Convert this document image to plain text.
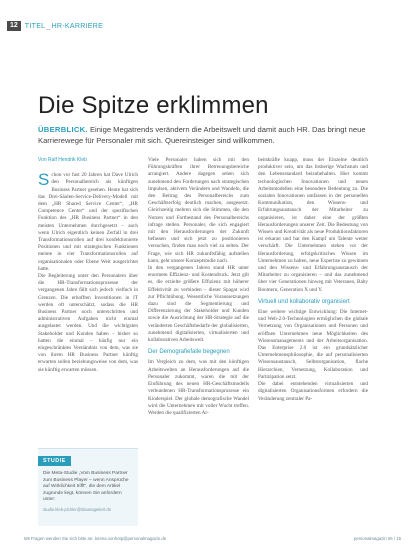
12	TITEL_HR-KARRIERE
Die Spitze erklimmen
ÜBERBLICK. Einige Megatrends verändern die Arbeitswelt und damit auch HR. Das bringt neue Karrierewege für Personaler mit sich. Quereinsteiger sind willkommen.
Von Ralf Hendrik Kleb
S chon vor fast 20 Jahren hat Dave Ulrich den Personalbereich als künftigen Business Partner gesehen. Heute hat sich das Drei-Säulen-Service-Delivery-Modell mit dem „HR Shared Service Center“, „HR Competence Center“ und der spezifischen Funktion des „HR Business Partner“ in den meisten Unternehmen durchgesetzt – auch wenn Ulrich eigentlich keinen Zerfall in drei Transformationsrollen auf drei konfektionierte Positionen und mit strategischen Funktionen meinte in vier Transformationsrollen auf organisationalen oder Ebene Weit ausgerichtet hatte.

Die Begleiterung unter den Personalern über die HR-Transformationsprozesse der vergangenen Jahre fällt sich jedoch vielfach in Grenzen. Die erhofften Investitionen in IT werden oft unterschätzt, sodass die HR Business Partner noch unterschritten und administrativen Aufgaben nicht einmal ausgelastet werden. Und die wichtigsten Stakeholder und Kunden haben – bisher so hatten die einmal – häufig nur ein eingeschränktes Verständnis von dem, was sie von ihrem HR Business Partner künftig erwarten sollen beziehungsweise von dem, was sie künftig erwarten müssen.

Viele Personaler haben sich mit den Führungskräften ihrer Betreuungsbereiche arrangiert. Andere dagegen sehen sich zunehmend den Forderungen nach strategischen Impulsen, aktivem Verändern und Wandeln, die den Beitrag des Personalbereichs zum Geschäftserfolg deutlich machen, ausgesetzt. Gleichzeitig mehren sich die Stimmen, die den Nutzen und Fortbestand des Personalbereichs infrage stellen. Personaler, die sich engagiert mit den Herausforderungen der Zukunft befassen und sich jetzt zu positionieren versuchen, finden man noch viel zu selten. Der Frage, wie sich HR zukunftsfähig aufstellen kann, geht unsere Konzeptstudie nach.

In den vergangenen Jahren stand HR unter enormem Effizienz- und Kostendruck. Jetzt gilt es, die erzielte größere Effizienz mit höherer Effektivität zu verbinden – dieser Spagat wird zur Pflichtübung. Wesentliche Voraussetzungen dazu sind die Segmentierung und Differenzierung der Stakeholder und Kunden sowie die Ausrichtung der HR-Strategie auf die veränderten Geschäftsbedarfe der globalisierten, zunehmend digitalisierten, virtualisierten und kollaborativen Arbeitswelt.

Der Demografiefalle begegnen

Im Vergleich zu dem, was mit den künftigen Arbeitswelten an Herausforderungen auf die Personaler zukommt, waren die mit der Einführung des neuen HR-Geschäftsmodells verbundenen HR-Transformationsprozesse ein Kinderspiel. Der globale demografische Wandel wird die Unternehmen mit voller Wucht treffen. Werden die qualifizierten Ar-

beitskräfte knapp, muss der Einzelne deutlich produktiver sein, um das bisherige Wachstum und den Lebensstandard beizubehalten. Hier kommt technologischen Innovationen und neuen Arbeitsmodellen eine besondere Bedeutung zu. Die sozialen Innovationen umfassen in der personellen Kommunikation, den Wissens- und Erfahrungsaustausch der Mitarbeiter zu organisieren, ist daher eine der größten Herausforderungen unserer Zeit. Die Bedeutung von Wissen und Kreativität als neue Produktionsfaktoren ist erkannt und hat den Kampf um Talente weiter verschärft. Die Unternehmen stehen vor der Herausforderung, erfolgskritisches Wissen im Unternehmen zu halten, neue Expertise zu gewinnen und den Wissens- und Erfahrungsaustausch der Mitarbeiter zu organisieren – und das zunehmend über vier Generationen hinweg mit Veteranen, Baby Boomern, Generation X und Y.

Virtuell und kollaborativ organisiert

Eine weitere wichtige Entwicklung: Die Internet- und Web-2.0-Technologien ermöglichen die globale Vernetzung von Organisationen und Personen und eröffnen Unternehmen neue Möglichkeiten des Wissensmanagements und der Arbeitsorganisation. Das Enterprise 2.0 ist ein grundsätzlicher Unternehmensphilosophie, die auf personalisierten Wissensaustausch, Selbstorganisation, flache Hierarchien, Vernetzung, Kollaboration und Partizipation setzt.

Die dabei entstehenden virtualisierten und digitalisierten Organisationsformen erfordern die Veränderung zentraler Pa-

STUDIE
Die Meta-Studie „Vom Business Partner zum Business Player – wenn Ansprüche auf Wirklichkeit trifft“, die dem Artikel zugrunde liegt, können Sie anfordern unter:
studie.kleb-pichler@sbamagetiert.de
Mit Fragen wenden Sie sich bitte an: lorena.vonhotp@personalmagazin.de	personalmagazin 06 / 15
